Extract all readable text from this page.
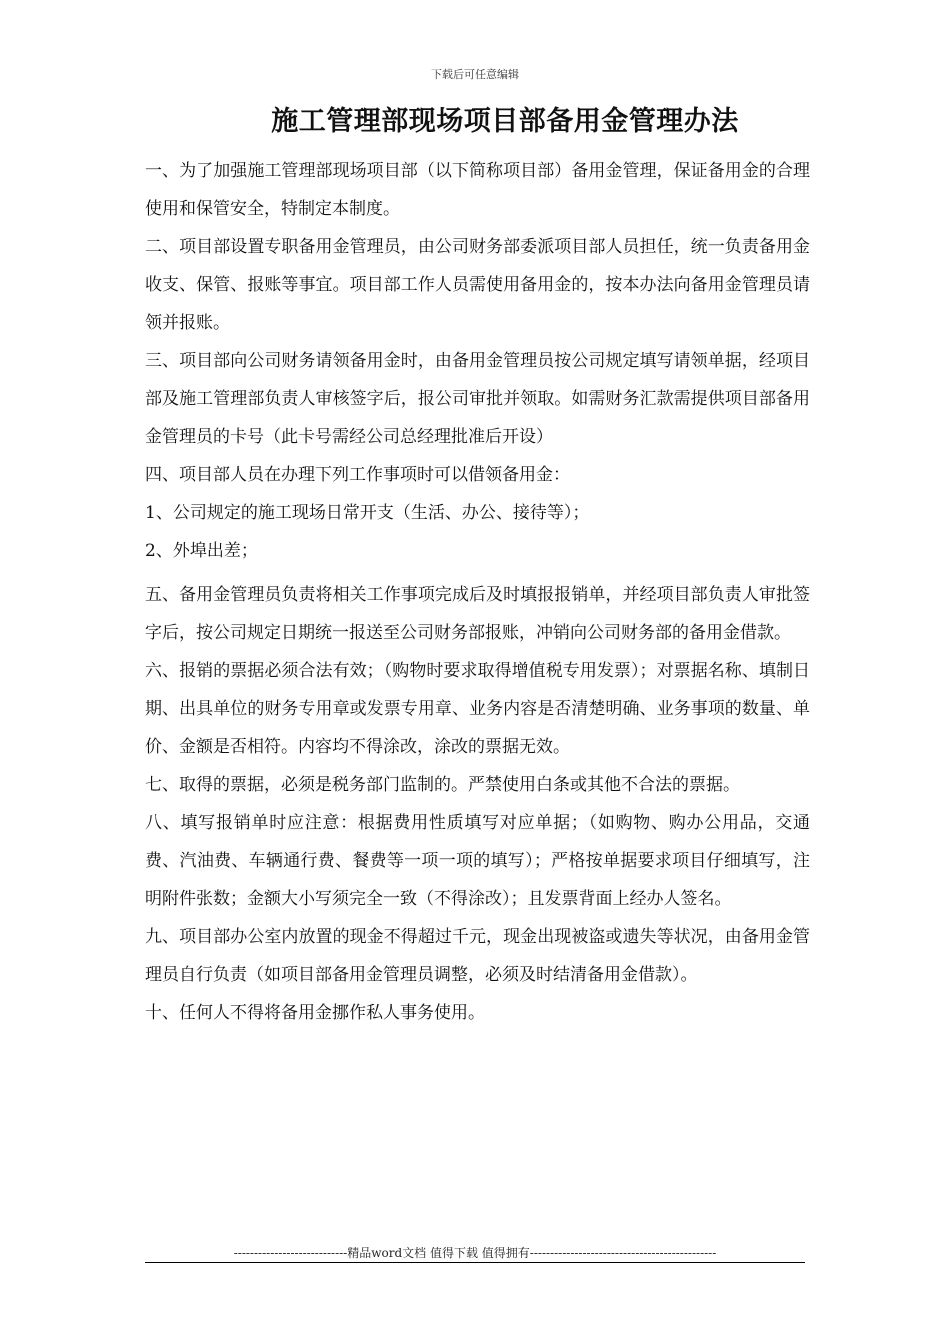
下载后可任意编辑
施工管理部现场项目部备用金管理办法

一、为了加强施工管理部现场项目部（以下简称项目部）备用金管理，保证备用金的合理使用和保管安全，特制定本制度。

二、项目部设置专职备用金管理员，由公司财务部委派项目部人员担任，统一负责备用金收支、保管、报账等事宜。项目部工作人员需使用备用金的，按本办法向备用金管理员请领并报账。

三、项目部向公司财务请领备用金时，由备用金管理员按公司规定填写请领单据，经项目部及施工管理部负责人审核签字后，报公司审批并领取。如需财务汇款需提供项目部备用金管理员的卡号（此卡号需经公司总经理批准后开设）

四、项目部人员在办理下列工作事项时可以借领备用金：

1、公司规定的施工现场日常开支（生活、办公、接待等）；

2、外埠出差；

五、备用金管理员负责将相关工作事项完成后及时填报报销单，并经项目部负责人审批签字后，按公司规定日期统一报送至公司财务部报账，冲销向公司财务部的备用金借款。

六、报销的票据必须合法有效；（购物时要求取得增值税专用发票）；对票据名称、填制日期、出具单位的财务专用章或发票专用章、业务内容是否清楚明确、业务事项的数量、单价、金额是否相符。内容均不得涂改，涂改的票据无效。

七、取得的票据，必须是税务部门监制的。严禁使用白条或其他不合法的票据。

八、填写报销单时应注意：根据费用性质填写对应单据；（如购物、购办公用品，交通费、汽油费、车辆通行费、餐费等一项一项的填写）；严格按单据要求项目仔细填写，注明附件张数；金额大小写须完全一致（不得涂改）；且发票背面上经办人签名。

九、项目部办公室内放置的现金不得超过千元，现金出现被盗或遗失等状况，由备用金管理员自行负责（如项目部备用金管理员调整，必须及时结清备用金借款）。

十、任何人不得将备用金挪作私人事务使用。

----------------------------精品word文档 值得下载 值得拥有----------------------------------------------
